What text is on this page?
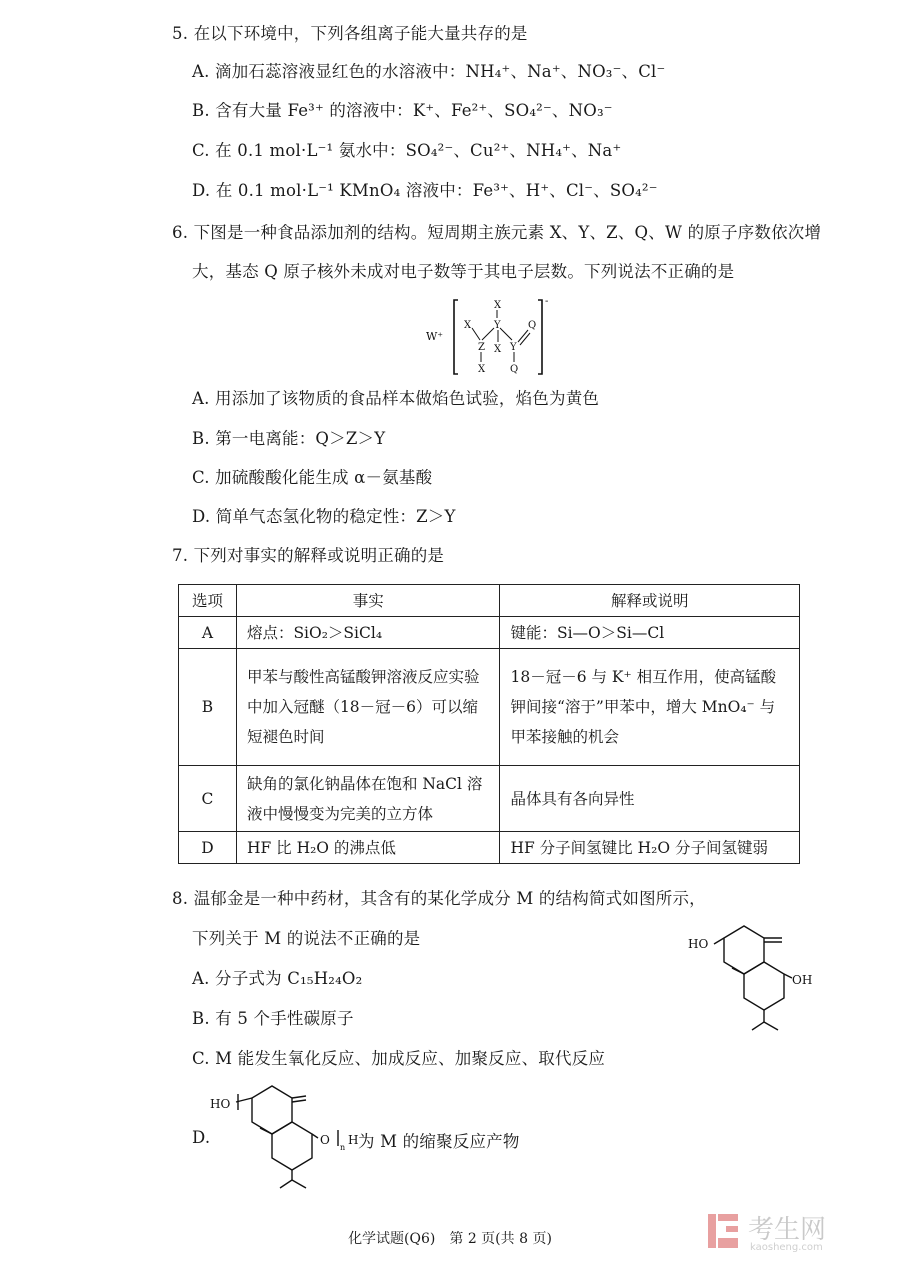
5. 在以下环境中，下列各组离子能大量共存的是
A. 滴加石蕊溶液显红色的水溶液中：NH₄⁺、Na⁺、NO₃⁻、Cl⁻
B. 含有大量 Fe³⁺ 的溶液中：K⁺、Fe²⁺、SO₄²⁻、NO₃⁻
C. 在 0.1 mol·L⁻¹ 氨水中：SO₄²⁻、Cu²⁺、NH₄⁺、Na⁺
D. 在 0.1 mol·L⁻¹ KMnO₄ 溶液中：Fe³⁺、H⁺、Cl⁻、SO₄²⁻
6. 下图是一种食品添加剂的结构。短周期主族元素 X、Y、Z、Q、W 的原子序数依次增
大，基态 Q 原子核外未成对电子数等于其电子层数。下列说法不正确的是
W⁺
-
X
Y
X
Z
X
X Y
Q
Q
A. 用添加了该物质的食品样本做焰色试验，焰色为黄色
B. 第一电离能：Q＞Z＞Y
C. 加硫酸酸化能生成 α－氨基酸
D. 简单气态氢化物的稳定性：Z＞Y
7. 下列对事实的解释或说明正确的是
选项	事实	解释或说明
A	熔点：SiO₂＞SiCl₄	键能：Si—O＞Si—Cl
B	甲苯与酸性高锰酸钾溶液反应实验中加入冠醚（18－冠－6）可以缩短褪色时间	18－冠－6 与 K⁺ 相互作用，使高锰酸钾间接“溶于”甲苯中，增大 MnO₄⁻ 与甲苯接触的机会
C	缺角的氯化钠晶体在饱和 NaCl 溶液中慢慢变为完美的立方体	晶体具有各向异性
D	HF 比 H₂O 的沸点低	HF 分子间氢键比 H₂O 分子间氢键弱
8. 温郁金是一种中药材，其含有的某化学成分 M 的结构简式如图所示，
下列关于 M 的说法不正确的是
A. 分子式为 C₁₅H₂₄O₂
B. 有 5 个手性碳原子
C. M 能发生氧化反应、加成反应、加聚反应、取代反应
HO
OH
D.
HO
O
n
H 为 M 的缩聚反应产物
化学试题(Q6)　第 2 页(共 8 页)	考生网
kaosheng.com
